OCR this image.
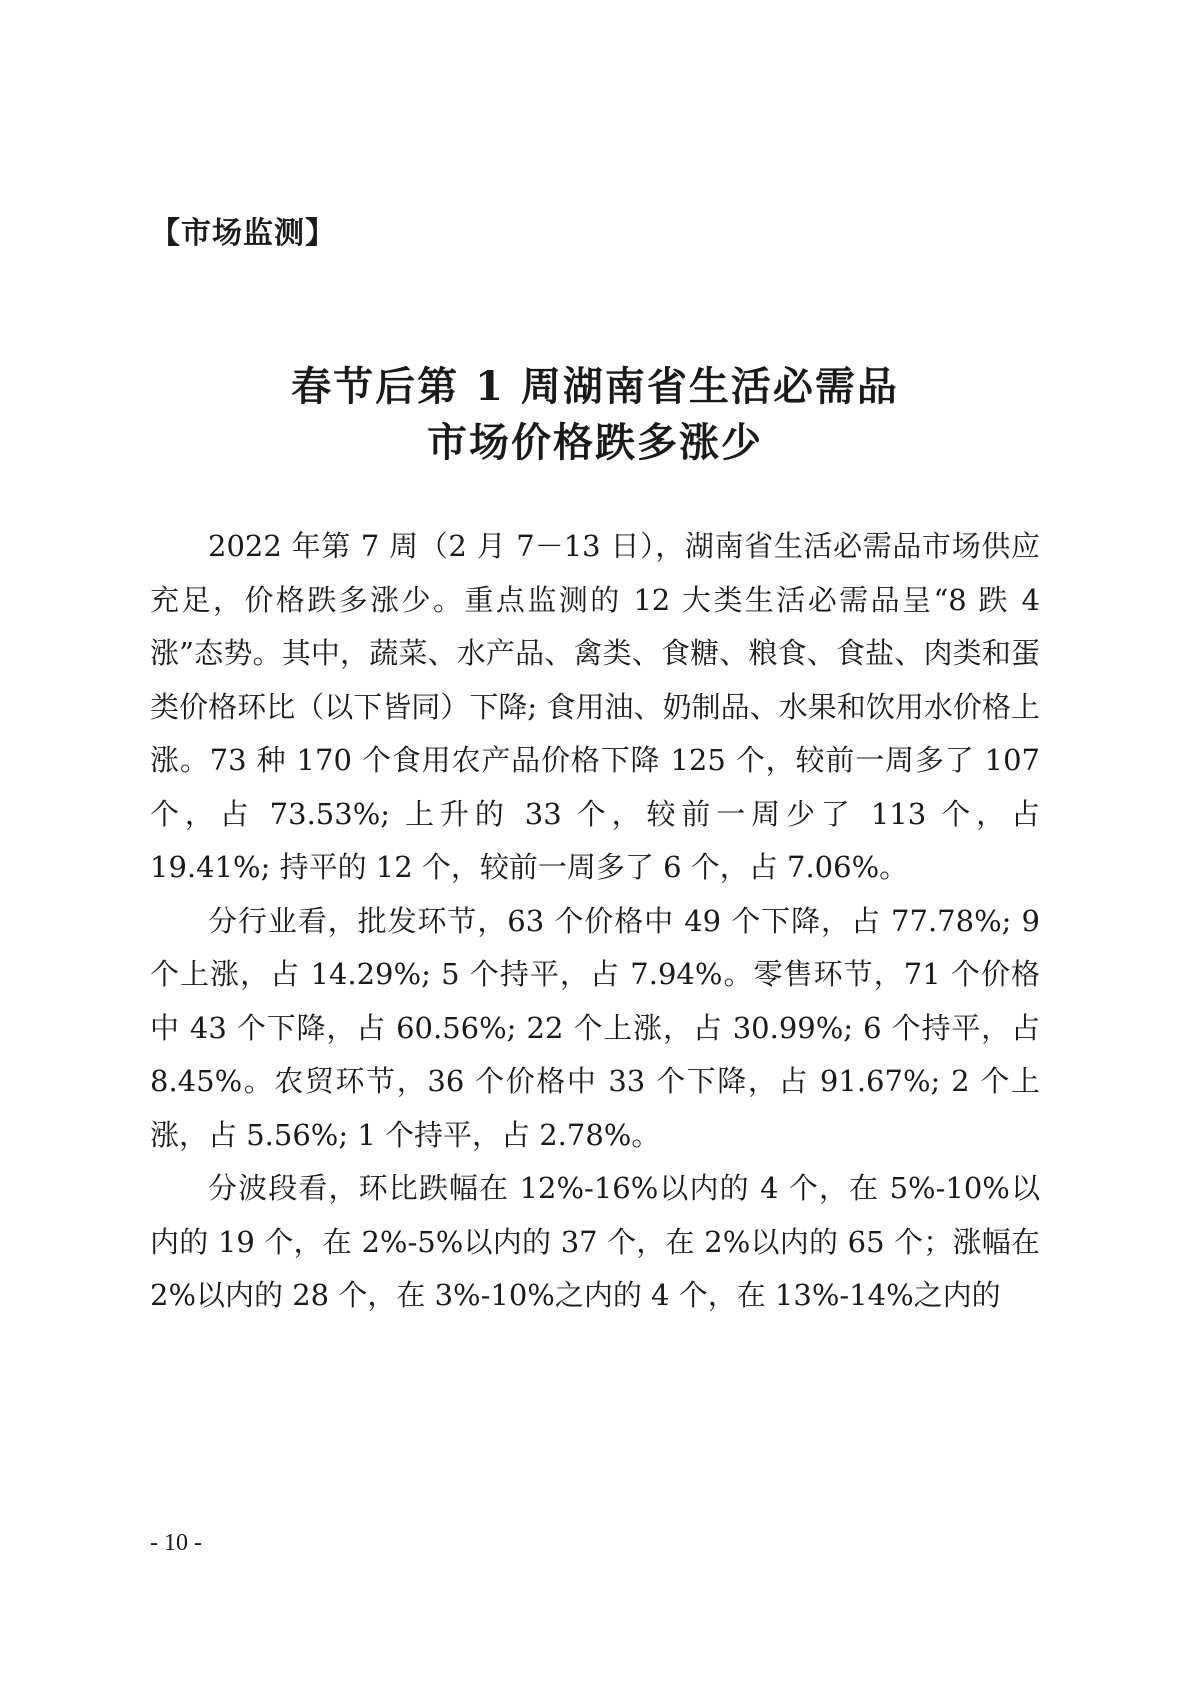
【市场监测】
春节后第 1 周湖南省生活必需品
市场价格跌多涨少

2022 年第 7 周（2 月 7－13 日），湖南省生活必需品市场供应充足，价格跌多涨少。重点监测的 12 大类生活必需品呈“8 跌 4 涨”态势。其中，蔬菜、水产品、禽类、食糖、粮食、食盐、肉类和蛋类价格环比（以下皆同）下降; 食用油、奶制品、水果和饮用水价格上涨。73 种 170 个食用农产品价格下降 125 个，较前一周多了 107 个，占 73.53%; 上升的 33 个，较前一周少了 113 个，占 19.41%; 持平的 12 个，较前一周多了 6 个，占 7.06%。

分行业看，批发环节，63 个价格中 49 个下降，占 77.78%; 9 个上涨，占 14.29%; 5 个持平，占 7.94%。零售环节，71 个价格中 43 个下降，占 60.56%; 22 个上涨，占 30.99%; 6 个持平，占 8.45%。农贸环节，36 个价格中 33 个下降，占 91.67%; 2 个上涨，占 5.56%; 1 个持平，占 2.78%。

分波段看，环比跌幅在 12%-16%以内的 4 个，在 5%-10%以内的 19 个，在 2%-5%以内的 37 个，在 2%以内的 65 个；涨幅在 2%以内的 28 个，在 3%-10%之内的 4 个，在 13%-14%之内的

- 10 -
